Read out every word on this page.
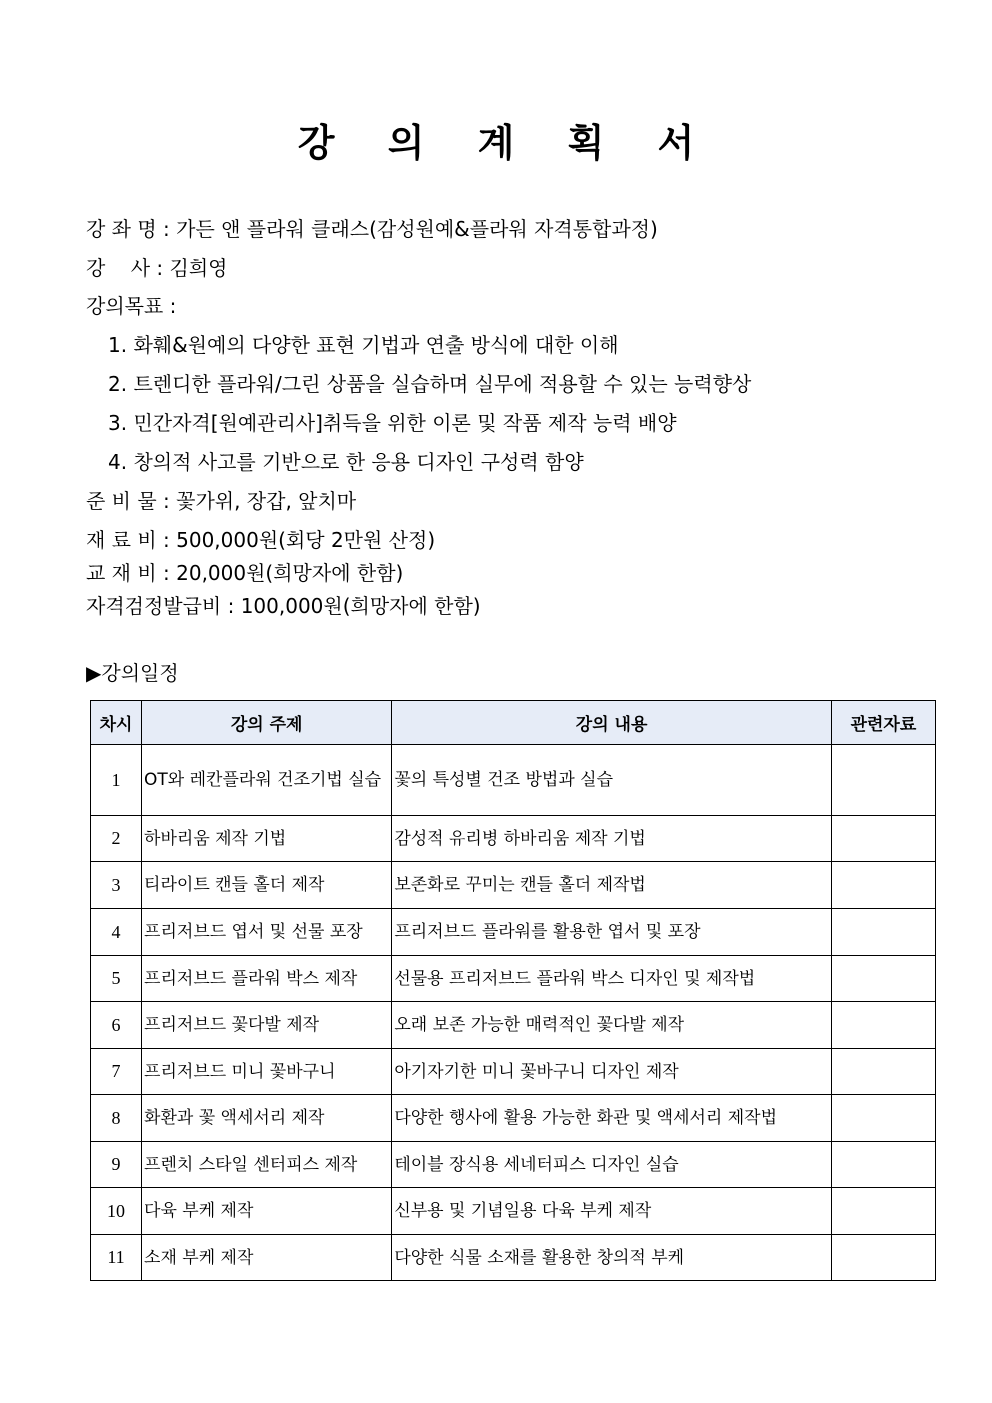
강 의 계 획 서
강 좌 명 : 가든 앤 플라워 클래스(감성원예&플라워 자격통합과정)
강    사 : 김희영
강의목표 :
1. 화훼&원예의 다양한 표현 기법과 연출 방식에 대한 이해
2. 트렌디한 플라워/그린 상품을 실습하며 실무에 적용할 수 있는 능력향상
3. 민간자격[원예관리사]취득을 위한 이론 및 작품 제작 능력 배양
4. 창의적 사고를 기반으로 한 응용 디자인 구성력 함양
준 비 물 : 꽃가위, 장갑, 앞치마
재 료 비 : 500,000원(회당 2만원 산정)
교 재 비 : 20,000원(희망자에 한함)
자격검정발급비 : 100,000원(희망자에 한함)
▶강의일정
차시	강의 주제	강의 내용	관련자료
1	OT와 레칸플라워 건조기법 실습	꽃의 특성별 건조 방법과 실습	
2	하바리움 제작 기법	감성적 유리병 하바리움 제작 기법	
3	티라이트 캔들 홀더 제작	보존화로 꾸미는 캔들 홀더 제작법	
4	프리저브드 엽서 및 선물 포장	프리저브드 플라워를 활용한 엽서 및 포장	
5	프리저브드 플라워 박스 제작	선물용 프리저브드 플라워 박스 디자인 및 제작법	
6	프리저브드 꽃다발 제작	오래 보존 가능한 매력적인 꽃다발 제작	
7	프리저브드 미니 꽃바구니	아기자기한 미니 꽃바구니 디자인 제작	
8	화환과 꽃 액세서리 제작	다양한 행사에 활용 가능한 화관 및 액세서리 제작법	
9	프렌치 스타일 센터피스 제작	테이블 장식용 세네터피스 디자인 실습	
10	다육 부케 제작	신부용 및 기념일용 다육 부케 제작	
11	소재 부케 제작	다양한 식물 소재를 활용한 창의적 부케	
